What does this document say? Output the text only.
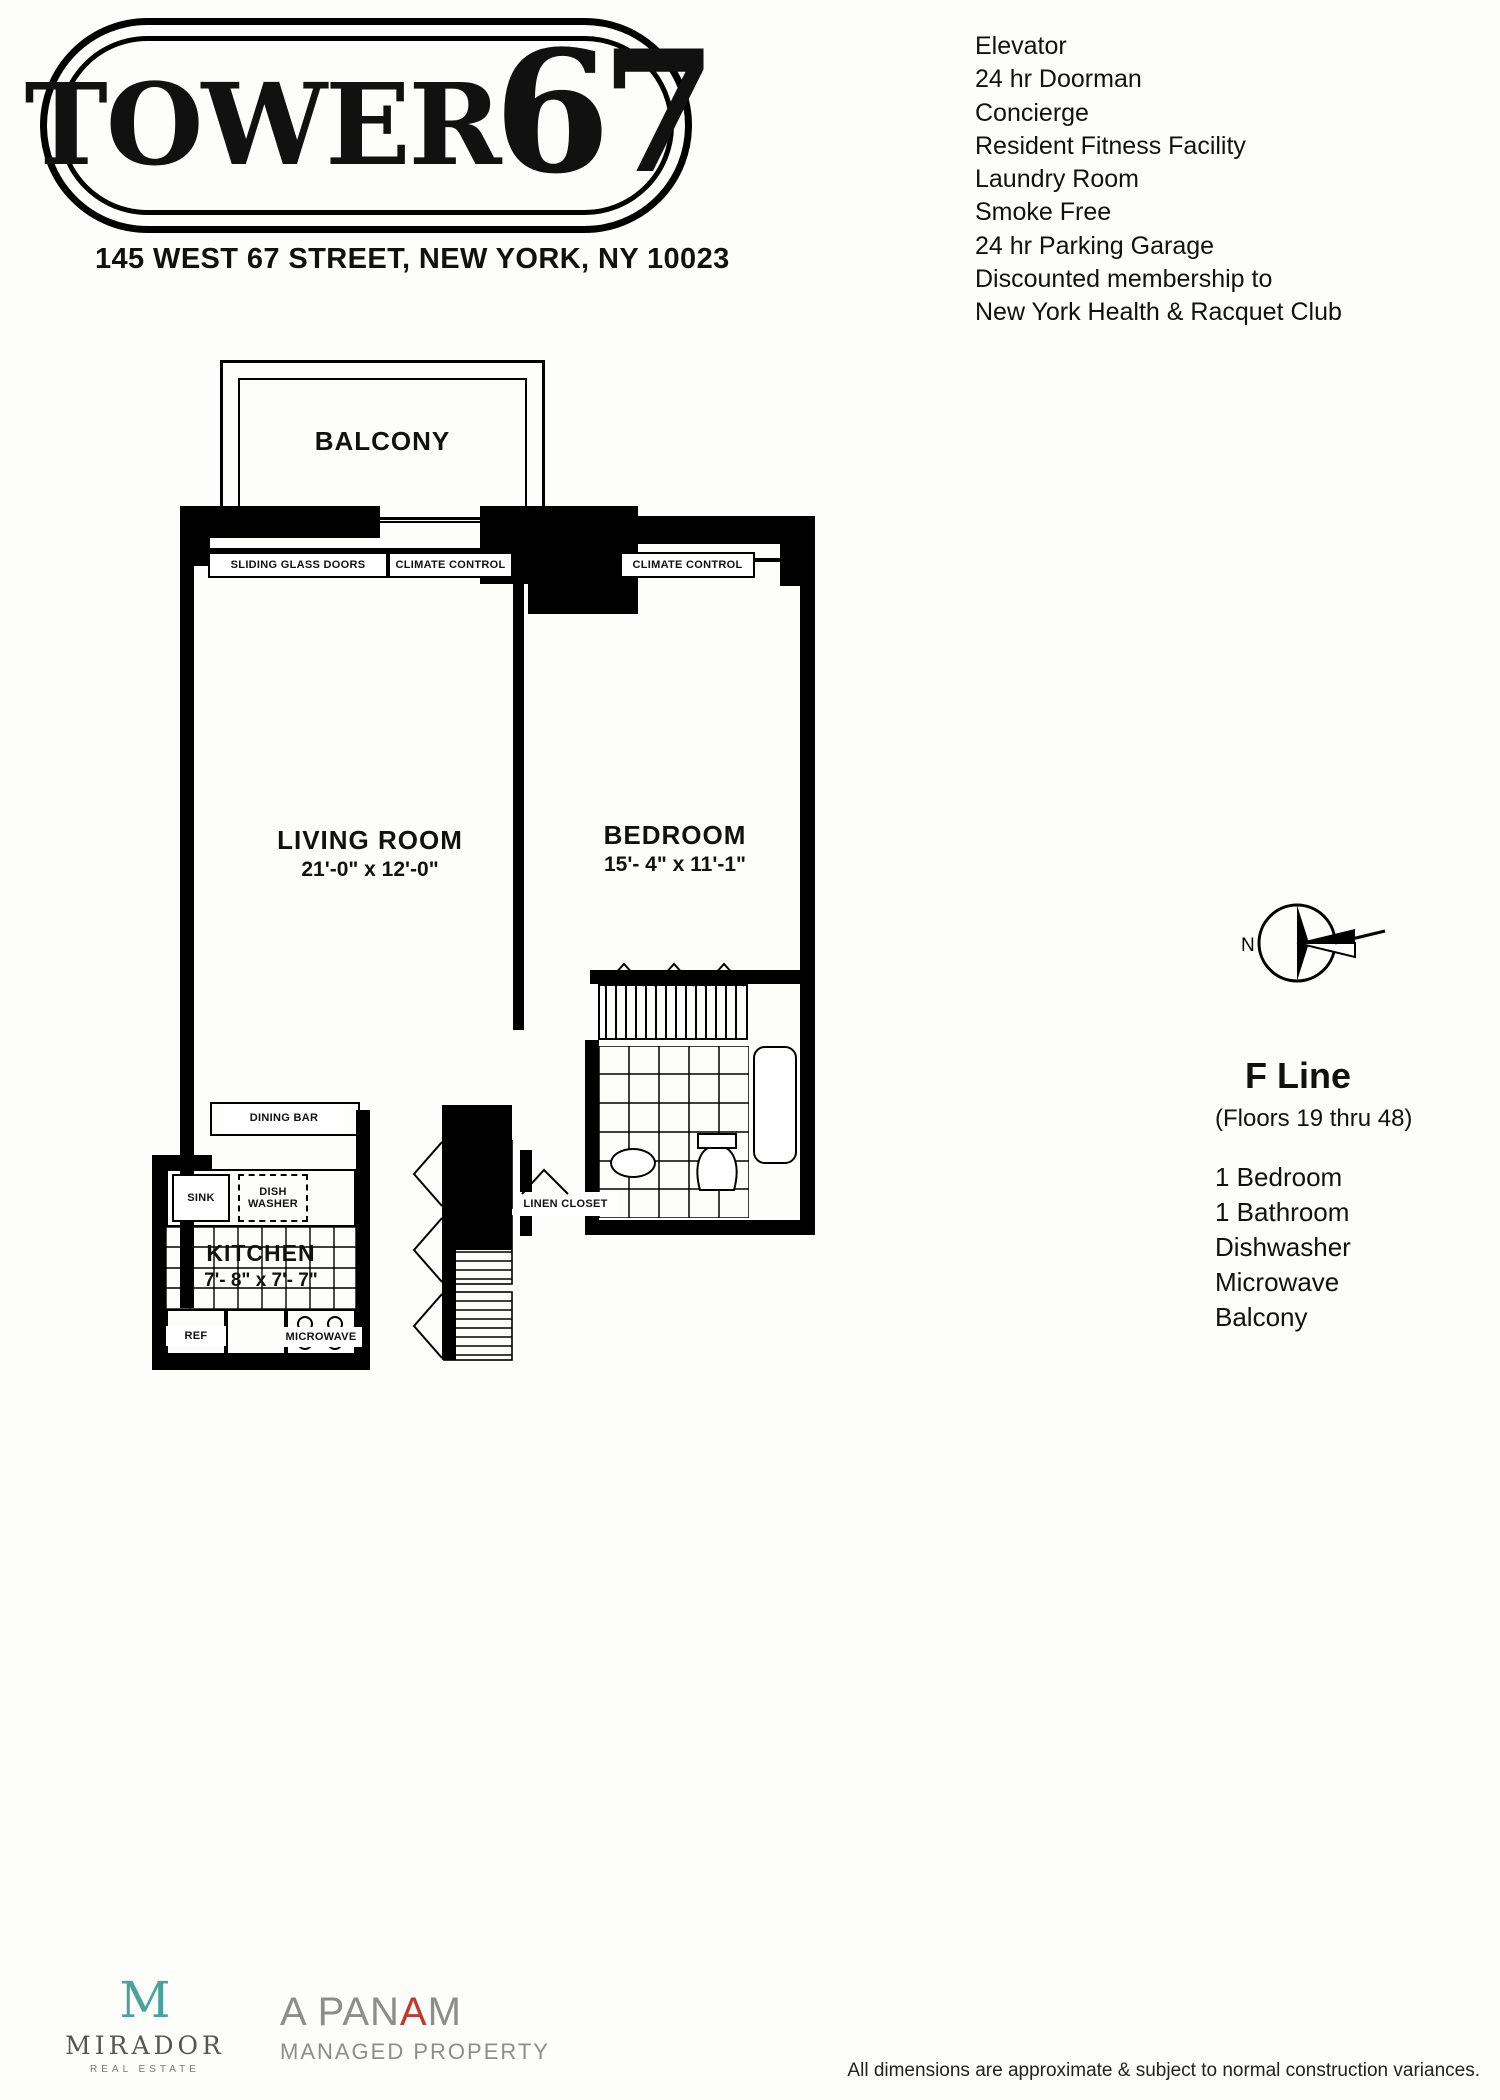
TOWER
67
145 WEST 67 STREET, NEW YORK, NY 10023
Elevator
24 hr Doorman
Concierge
Resident Fitness Facility
Laundry Room
Smoke Free
24 hr Parking Garage
Discounted membership to
New York Health & Racquet Club
N
F Line
(Floors 19 thru 48)
1 Bedroom
1 Bathroom
Dishwasher
Microwave
Balcony
BALCONY
SLIDING GLASS DOORS	CLIMATE CONTROL	CLIMATE CONTROL
LIVING ROOM
21'-0" x 12'-0"
BEDROOM
15'- 4" x 11'-1"
LINEN CLOSET
DINING BAR
SINK
DISH WASHER
KITCHEN
7'- 8" x 7'- 7"
REF	MICROWAVE
M
MIRADOR
REAL ESTATE
A PANAM
MANAGED PROPERTY
All dimensions are approximate & subject to normal construction variances.
